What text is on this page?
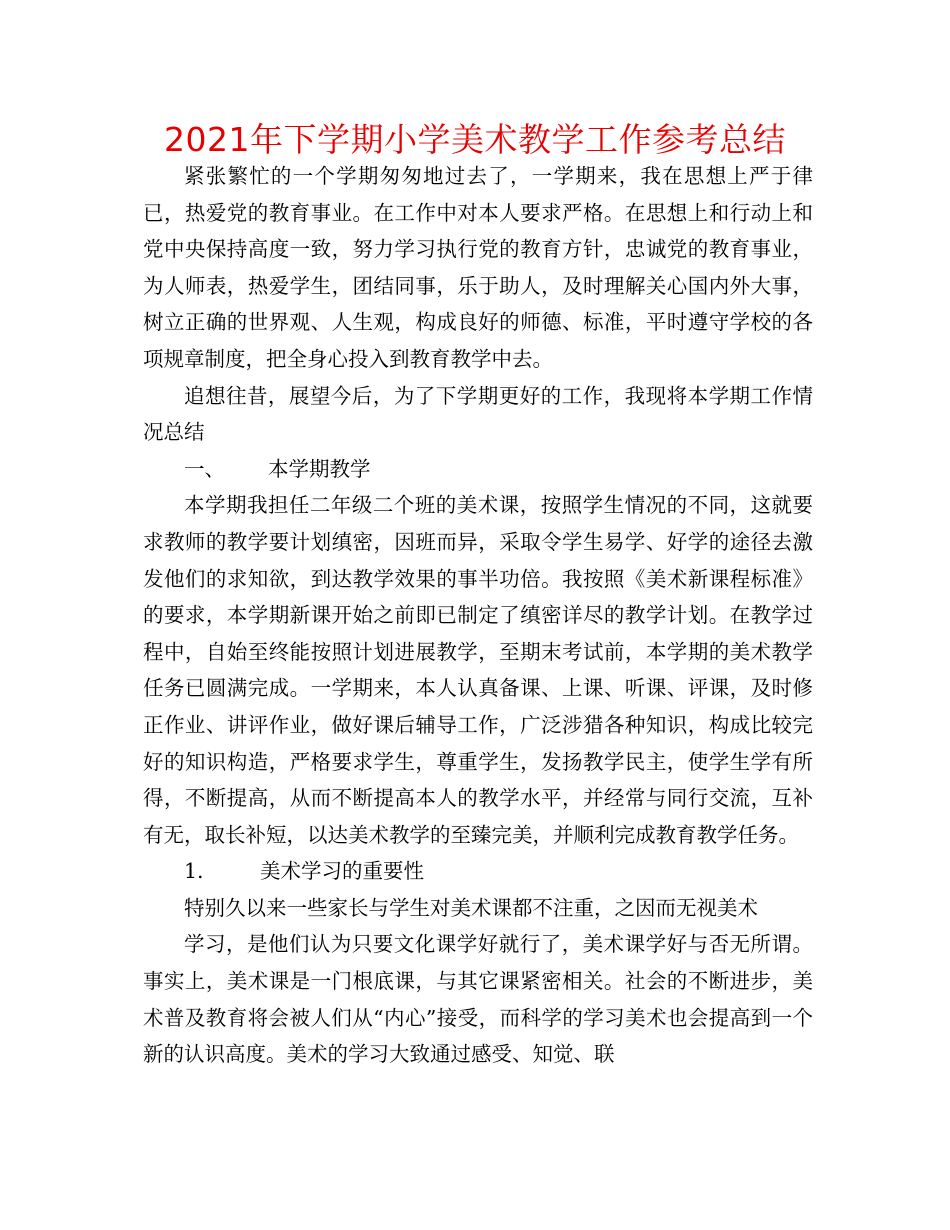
2021年下学期小学美术教学工作参考总结

紧张繁忙的一个学期匆匆地过去了，一学期来，我在思想上严于律已，热爱党的教育事业。在工作中对本人要求严格。在思想上和行动上和党中央保持高度一致，努力学习执行党的教育方针，忠诚党的教育事业，为人师表，热爱学生，团结同事，乐于助人，及时理解关心国内外大事，树立正确的世界观、人生观，构成良好的师德、标准，平时遵守学校的各项规章制度，把全身心投入到教育教学中去。

追想往昔，展望今后，为了下学期更好的工作，我现将本学期工作情况总结

一、 本学期教学

本学期我担任二年级二个班的美术课，按照学生情况的不同，这就要求教师的教学要计划缜密，因班而异，采取令学生易学、好学的途径去激发他们的求知欲，到达教学效果的事半功倍。我按照《美术新课程标准》的要求，本学期新课开始之前即已制定了缜密详尽的教学计划。在教学过程中，自始至终能按照计划进展教学，至期末考试前，本学期的美术教学任务已圆满完成。一学期来，本人认真备课、上课、听课、评课，及时修正作业、讲评作业，做好课后辅导工作，广泛涉猎各种知识，构成比较完好的知识构造，严格要求学生，尊重学生，发扬教学民主，使学生学有所得，不断提高，从而不断提高本人的教学水平，并经常与同行交流，互补有无，取长补短，以达美术教学的至臻完美，并顺利完成教育教学任务。

1.	美术学习的重要性

特别久以来一些家长与学生对美术课都不注重，之因而无视美术

学习，是他们认为只要文化课学好就行了，美术课学好与否无所谓。事实上，美术课是一门根底课，与其它课紧密相关。社会的不断进步，美术普及教育将会被人们从“内心”接受，而科学的学习美术也会提高到一个新的认识高度。美术的学习大致通过感受、知觉、联
